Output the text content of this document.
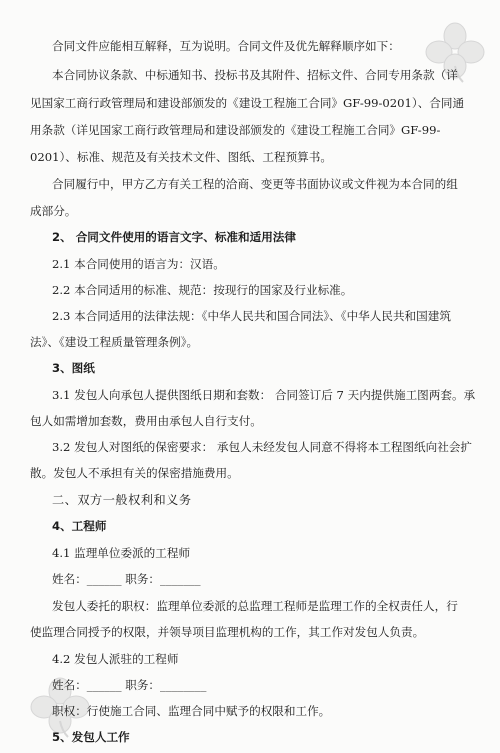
合同文件应能相互解释，互为说明。合同文件及优先解释顺序如下：
本合同协议条款、中标通知书、投标书及其附件、招标文件、合同专用条款（详
见国家工商行政管理局和建设部颁发的《建设工程施工合同》GF-99-0201）、合同通
用条款（详见国家工商行政管理局和建设部颁发的《建设工程施工合同》GF-99-
0201）、标准、规范及有关技术文件、图纸、工程预算书。
合同履行中，甲方乙方有关工程的洽商、变更等书面协议或文件视为本合同的组
成部分。
2、 合同文件使用的语言文字、标准和适用法律
2.1 本合同使用的语言为：汉语。
2.2 本合同适用的标准、规范：按现行的国家及行业标准。
2.3 本合同适用的法律法规：《中华人民共和国合同法》、《中华人民共和国建筑
法》、《建设工程质量管理条例》。
3、图纸
3.1 发包人向承包人提供图纸日期和套数： 合同签订后 7 天内提供施工图两套。承
包人如需增加套数，费用由承包人自行支付。
3.2 发包人对图纸的保密要求： 承包人未经发包人同意不得将本工程图纸向社会扩
散。发包人不承担有关的保密措施费用。
二、双方一般权利和义务
4、工程师
4.1 监理单位委派的工程师
姓名：______ 职务：_______
发包人委托的职权：监理单位委派的总监理工程师是监理工作的全权责任人，行
使监理合同授予的权限，并领导项目监理机构的工作，其工作对发包人负责。
4.2 发包人派驻的工程师
姓名：______ 职务：________
职权：行使施工合同、监理合同中赋予的权限和工作。
5、发包人工作
